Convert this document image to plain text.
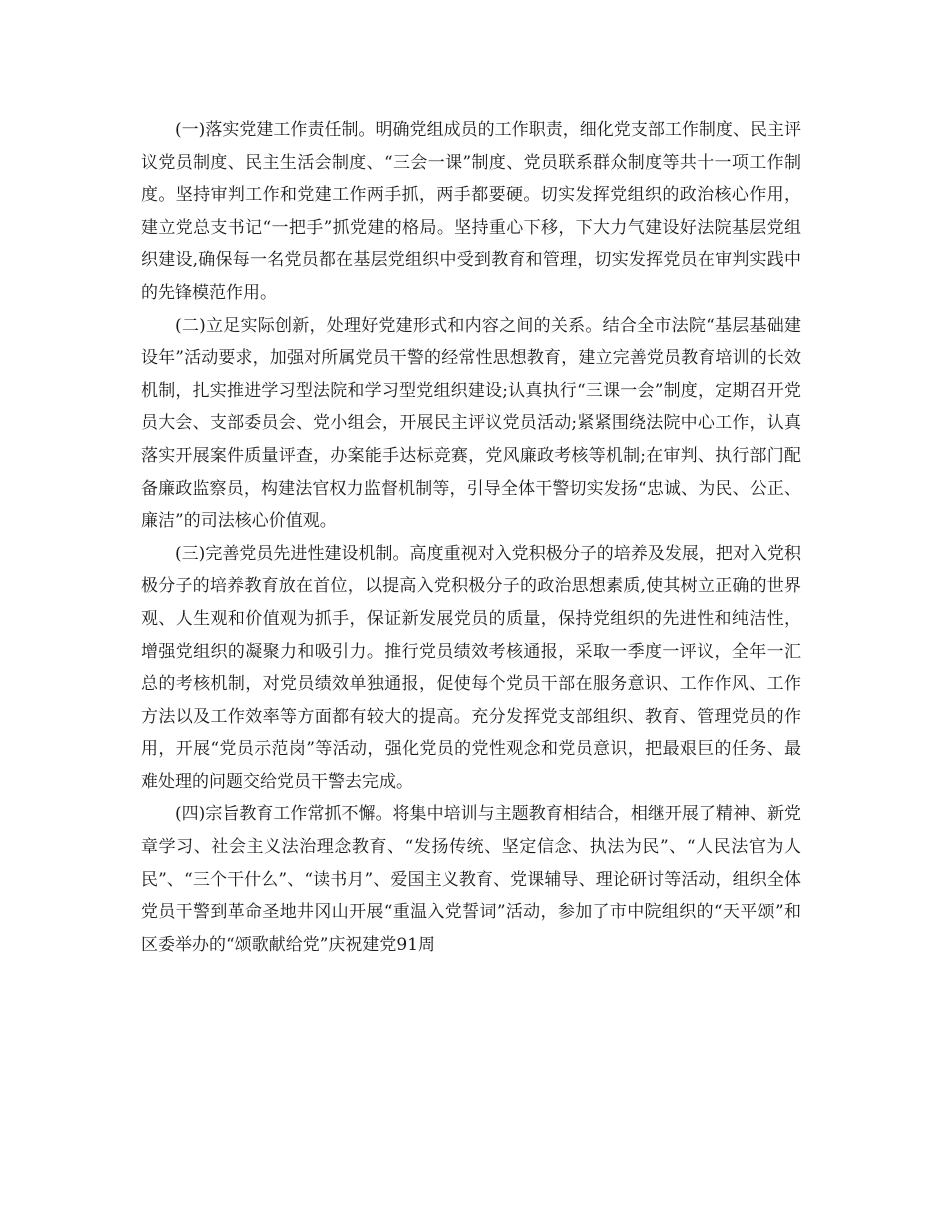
(一)落实党建工作责任制。明确党组成员的工作职责，细化党支部工作制度、民主评议党员制度、民主生活会制度、“三会一课”制度、党员联系群众制度等共十一项工作制度。坚持审判工作和党建工作两手抓，两手都要硬。切实发挥党组织的政治核心作用，建立党总支书记“一把手”抓党建的格局。坚持重心下移，下大力气建设好法院基层党组织建设,确保每一名党员都在基层党组织中受到教育和管理，切实发挥党员在审判实践中的先锋模范作用。

(二)立足实际创新，处理好党建形式和内容之间的关系。结合全市法院“基层基础建设年”活动要求，加强对所属党员干警的经常性思想教育，建立完善党员教育培训的长效机制，扎实推进学习型法院和学习型党组织建设;认真执行“三课一会”制度，定期召开党员大会、支部委员会、党小组会，开展民主评议党员活动;紧紧围绕法院中心工作，认真落实开展案件质量评查，办案能手达标竞赛，党风廉政考核等机制;在审判、执行部门配备廉政监察员，构建法官权力监督机制等，引导全体干警切实发扬“忠诚、为民、公正、廉洁”的司法核心价值观。

(三)完善党员先进性建设机制。高度重视对入党积极分子的培养及发展，把对入党积极分子的培养教育放在首位，以提高入党积极分子的政治思想素质,使其树立正确的世界观、人生观和价值观为抓手，保证新发展党员的质量，保持党组织的先进性和纯洁性，增强党组织的凝聚力和吸引力。推行党员绩效考核通报，采取一季度一评议，全年一汇总的考核机制，对党员绩效单独通报，促使每个党员干部在服务意识、工作作风、工作方法以及工作效率等方面都有较大的提高。充分发挥党支部组织、教育、管理党员的作用，开展“党员示范岗”等活动，强化党员的党性观念和党员意识，把最艰巨的任务、最难处理的问题交给党员干警去完成。

(四)宗旨教育工作常抓不懈。将集中培训与主题教育相结合，相继开展了精神、新党章学习、社会主义法治理念教育、“发扬传统、坚定信念、执法为民”、“人民法官为人民”、“三个干什么”、“读书月”、爱国主义教育、党课辅导、理论研讨等活动，组织全体党员干警到革命圣地井冈山开展“重温入党誓词”活动，参加了市中院组织的“天平颂”和区委举办的“颂歌献给党”庆祝建党91周
